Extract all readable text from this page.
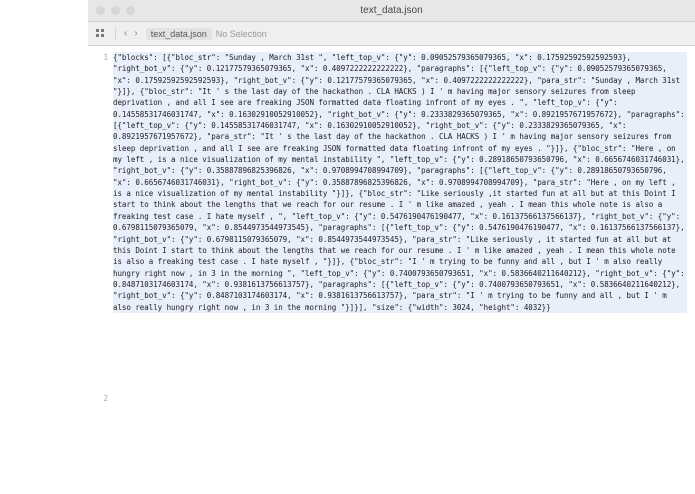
text_data.json
‹ ›	text_data.json	No Selection
1
2
{"blocks": [{"bloc_str": "Sunday , March 31st ", "left_top_v": {"y": 0.09052579365079365, "x": 0.17592592592592593}, "right_bot_v": {"y": 0.12177579365079365, "x": 0.4097222222222222}, "paragraphs": [{"left_top_v": {"y": 0.09052579365079365, "x": 0.17592592592592593}, "right_bot_v": {"y": 0.12177579365079365, "x": 0.4097222222222222}, "para_str": "Sunday , March 31st "}]}, {"bloc_str": "It ' s the last day of the hackathon . CLA HACKS ) I ' m having major sensory seizures from sleep deprivation , and all I see are freaking JSON formatted data floating infront of my eyes . ", "left_top_v": {"y": 0.14558531746031747, "x": 0.16302910052910052}, "right_bot_v": {"y": 0.2333829365079365, "x": 0.8921957671957672}, "paragraphs": [{"left_top_v": {"y": 0.14558531746031747, "x": 0.16302910052910052}, "right_bot_v": {"y": 0.2333829365079365, "x": 0.8921957671957672}, "para_str": "It ' s the last day of the hackathon . CLA HACKS ) I ' m having major sensory seizures from sleep deprivation , and all I see are freaking JSON formatted data floating infront of my eyes . "}]}, {"bloc_str": "Here , on my left , is a nice visualization of my mental instability ", "left_top_v": {"y": 0.28918650793650796, "x": 0.6656746031746031}, "right_bot_v": {"y": 0.35887896825396826, "x": 0.9708994708994709}, "paragraphs": [{"left_top_v": {"y": 0.28918650793650796, "x": 0.6656746031746031}, "right_bot_v": {"y": 0.35887896825396826, "x": 0.9708994708994709}, "para_str": "Here , on my left , is a nice visualization of my mental instability "}]}, {"bloc_str": "Like seriously ,it started fun at all but at this Doint I start to think about the lengths that we reach for our resume . I ' m like amazed , yeah . I mean this whole note is also a freaking test case . I hate myself , ", "left_top_v": {"y": 0.5476190476190477, "x": 0.16137566137566137}, "right_bot_v": {"y": 0.6798115079365079, "x": 0.8544973544973545}, "paragraphs": [{"left_top_v": {"y": 0.5476190476190477, "x": 0.16137566137566137}, "right_bot_v": {"y": 0.6798115079365079, "x": 0.8544973544973545}, "para_str": "Like seriously , it started fun at all but at this Doint I start to think about the lengths that we reach for our resume . I ' m like amazed , yeah . I mean this whole note is also a freaking test case . I hate myself , "}]}, {"bloc_str": "I ' m trying to be funny and all , but I ' m also really hungry right now , in 3 in the morning ", "left_top_v": {"y": 0.7400793650793651, "x": 0.5836640211640212}, "right_bot_v": {"y": 0.8487103174603174, "x": 0.9381613756613757}, "paragraphs": [{"left_top_v": {"y": 0.7400793650793651, "x": 0.5836640211640212}, "right_bot_v": {"y": 0.8487103174603174, "x": 0.9381613756613757}, "para_str": "I ' m trying to be funny and all , but I ' m also really hungry right now , in 3 in the morning "}]}], "size": {"width": 3024, "height": 4032}}
